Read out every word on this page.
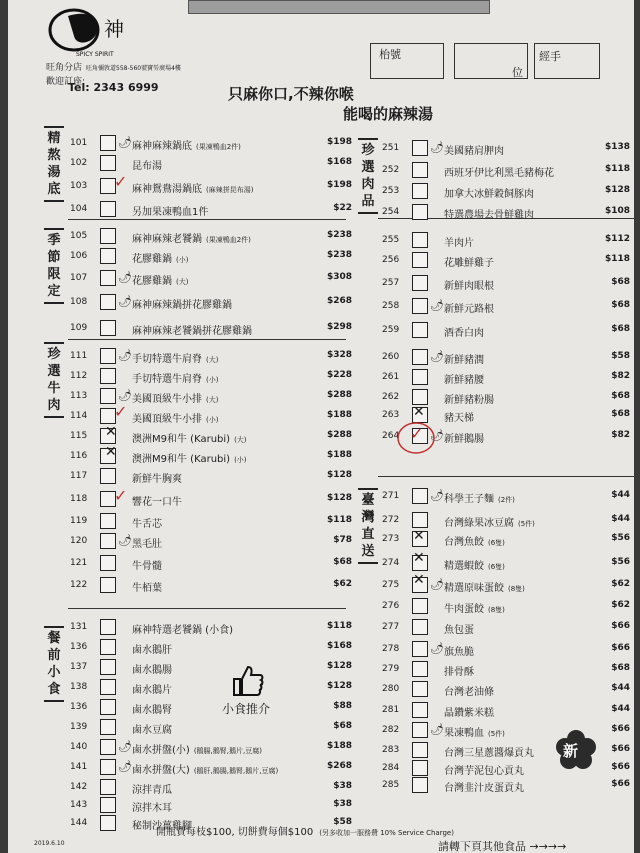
神
SPICY SPIRIT
旺角分店 旺角彌敦道558-560號寶勞廣場4樓
歡迎訂座:
Tel: 2343 6999	只麻你口,不辣你喉
能喝的麻辣湯
枱號
位
經手
精熬湯底
季節限定
珍選牛肉
餐前小食
珍選肉品
臺灣直送
101	🌶 麻神麻辣鍋底 (果凍鴨血2件)	$198
102	昆布湯	$168
103	麻神鴛鴦湯鍋底 (麻辣拼昆布湯)	$198
104	另加果凍鴨血1件	$22
105	麻神麻辣老饕鍋 (果凍鴨血2件)	$238
106	花膠雞鍋 (小)	$238
107	🌶 花膠雞鍋 (大)	$308
108	🌶 麻神麻辣鍋拼花膠雞鍋	$268
109	麻神麻辣老饕鍋拼花膠雞鍋	$298
111	🌶 手切特選牛肩脊 (大)	$328
112	手切特選牛肩脊 (小)	$228
113	🌶 美國頂級牛小排 (大)	$288
114	美國頂級牛小排 (小)	$188
115	澳洲M9和牛 (Karubi) (大)	$288
116	澳洲M9和牛 (Karubi) (小)	$188
117	新鮮牛胸爽	$128
118	響花一口牛	$128
119	牛舌芯	$118
120	🌶 黑毛肚	$78
121	牛骨髓	$68
122	牛栢葉	$62
131	麻神特選老饕鍋 (小食)	$118
136	鹵水鵝肝	$168
137	鹵水鵝腸	$128
138	鹵水鵝片	$128
136	鹵水鵝腎	$88
139	鹵水豆腐	$68
140	🌶 鹵水拼盤(小) (鵝腸,鵝腎,鵝片,豆腐)	$188
141	🌶 鹵水拼盤(大) (鵝肝,鵝腸,鵝腎,鵝片,豆腐)	$268
142	涼拌青瓜	$38
143	涼拌木耳	$38
144	秘制沙薑雞腳	$58
251	🌶 美國豬肩胛肉	$138
252	西班牙伊比利黑毛豬梅花	$118
253	加拿大冰鮮穀飼豚肉	$128
254	特選農場去骨鮮雞肉	$108
255	羊肉片	$112
256	花雕鮮雞子	$118
257	新鮮肉眼根	$68
258	🌶 新鮮元路根	$68
259	酒香白肉	$68
260	🌶 新鮮豬潤	$58
261	新鮮豬腰	$82
262	新鮮豬粉腸	$68
263	豬天梯	$68
264	🌶 新鮮鵝腸	$82
271	🌶 科學王子麵 (2件)	$44
272	台灣綠果冰豆腐 (5件)	$44
273	台灣魚餃 (6隻)	$56
274	精選蝦餃 (6隻)	$56
275	🌶 精選原味蛋餃 (8隻)	$62
276	牛肉蛋餃 (8隻)	$62
277	魚包蛋	$66
278	🌶 旗魚脆	$66
279	排骨酥	$68
280	台灣老油條	$44
281	晶鑽紫米糕	$44
282	🌶 果凍鴨血 (5件)	$66
283	台灣三星蔥醬爆貢丸	$66
284	台灣芋泥包心貢丸	$66
285	台灣韭汁皮蛋貢丸	$66
✓
✓
✓
✓
✕
✕
✕
✕
✕
✕
小食推介
新
開瓶費每枝$100, 切餅費每個$100 (另多收加一服務費 10% Service Charge)
2019.6.10	請轉下頁其他食品 →→→→
